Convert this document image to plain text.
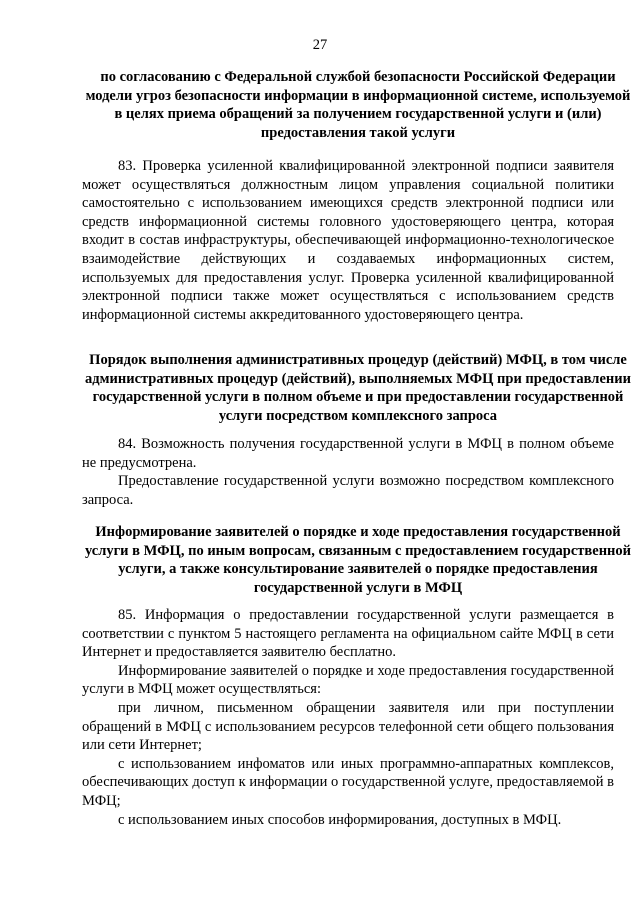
27
по согласованию с Федеральной службой безопасности Российской Федерации модели угроз безопасности информации в информационной системе, используемой в целях приема обращений за получением государственной услуги и (или) предоставления такой услуги

83. Проверка усиленной квалифицированной электронной подписи заявителя может осуществляться должностным лицом управления социальной политики самостоятельно с использованием имеющихся средств электронной подписи или средств информационной системы головного удостоверяющего центра, которая входит в состав инфраструктуры, обеспечивающей информационно-технологическое взаимодействие действующих и создаваемых информационных систем, используемых для предоставления услуг. Проверка усиленной квалифицированной электронной подписи также может осуществляться с использованием средств информационной системы аккредитованного удостоверяющего центра.

Порядок выполнения административных процедур (действий) МФЦ, в том числе административных процедур (действий), выполняемых МФЦ при предоставлении государственной услуги в полном объеме и при предоставлении государственной услуги посредством комплексного запроса

84. Возможность получения государственной услуги в МФЦ в полном объеме не предусмотрена.

Предоставление государственной услуги возможно посредством комплексного запроса.

Информирование заявителей о порядке и ходе предоставления государственной услуги в МФЦ, по иным вопросам, связанным с предоставлением государственной услуги, а также консультирование заявителей о порядке предоставления государственной услуги в МФЦ

85. Информация о предоставлении государственной услуги размещается в соответствии с пунктом 5 настоящего регламента на официальном сайте МФЦ в сети Интернет и предоставляется заявителю бесплатно.

Информирование заявителей о порядке и ходе предоставления государственной услуги в МФЦ может осуществляться:

при личном, письменном обращении заявителя или при поступлении обращений в МФЦ с использованием ресурсов телефонной сети общего пользования или сети Интернет;

с использованием инфоматов или иных программно-аппаратных комплексов, обеспечивающих доступ к информации о государственной услуге, предоставляемой в МФЦ;

с использованием иных способов информирования, доступных в МФЦ.
